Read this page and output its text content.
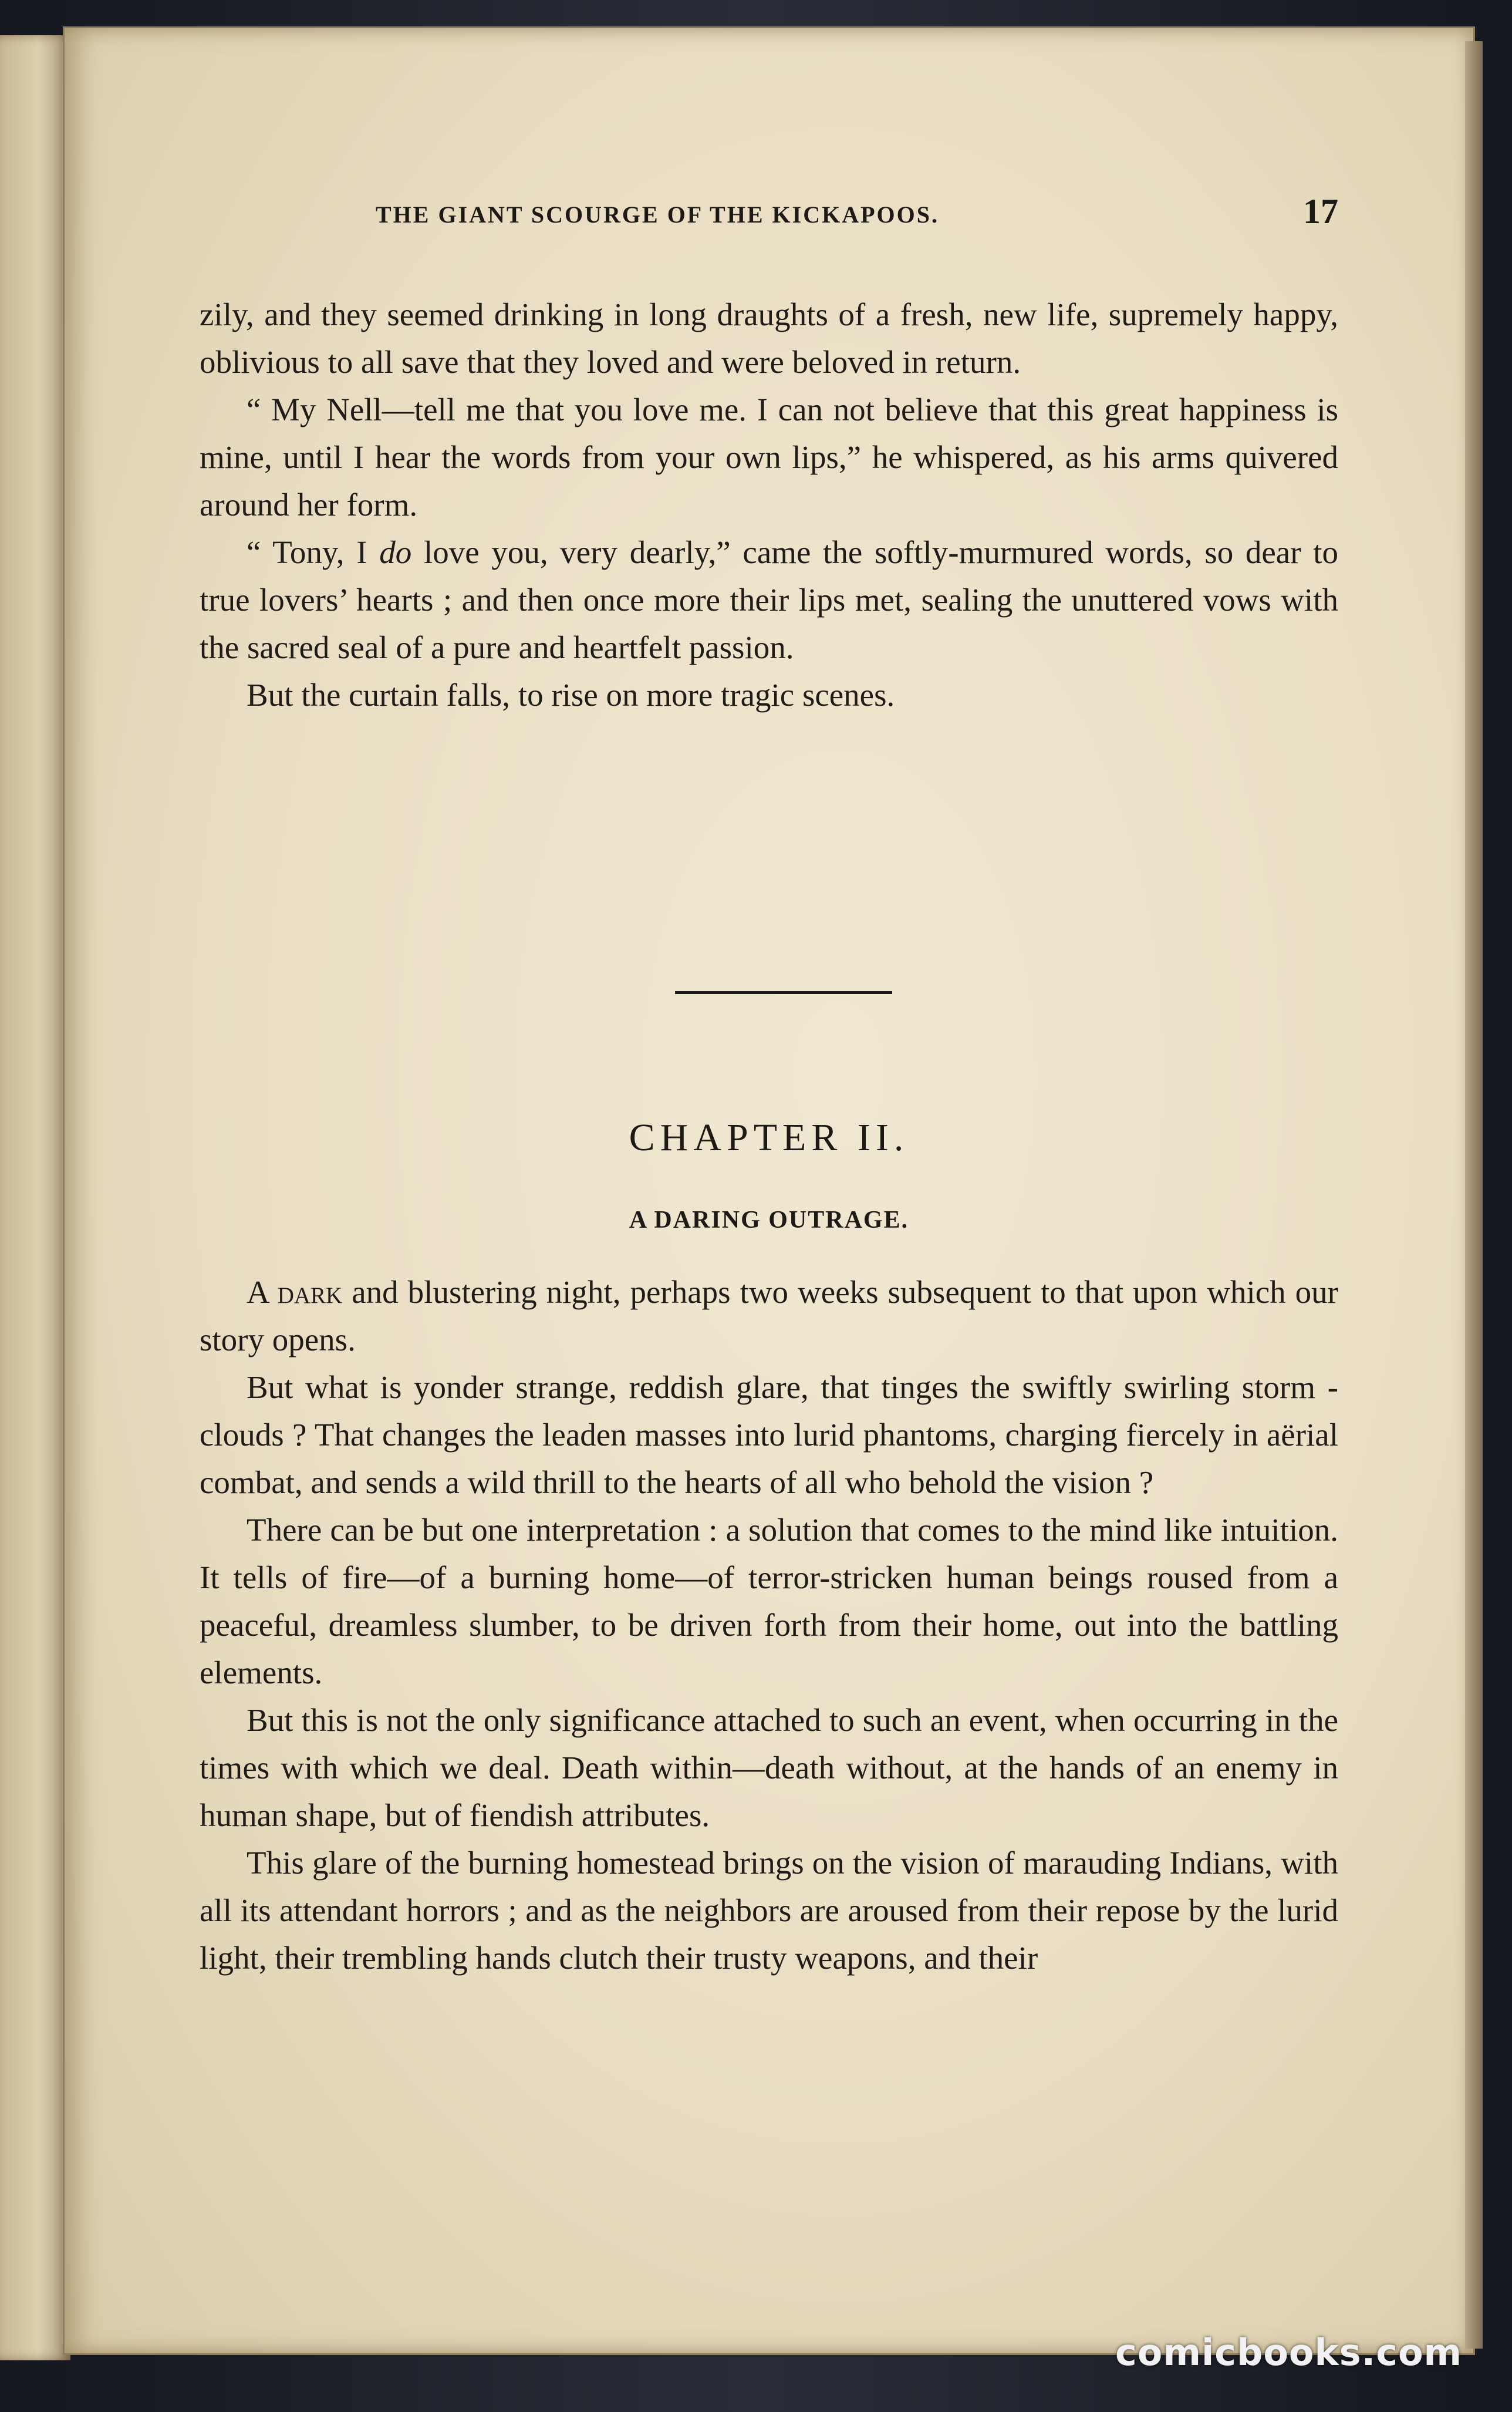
THE GIANT SCOURGE OF THE KICKAPOOS.	17

zily, and they seemed drinking in long draughts of a fresh, new life, supremely happy, oblivious to all save that they loved and were beloved in return.

“ My Nell—tell me that you love me. I can not believe that this great happiness is mine, until I hear the words from your own lips,” he whispered, as his arms quivered around her form.

“ Tony, I do love you, very dearly,” came the softly-murmured words, so dear to true lovers’ hearts ; and then once more their lips met, sealing the unuttered vows with the sacred seal of a pure and heartfelt passion.

But the curtain falls, to rise on more tragic scenes.

CHAPTER II.
A DARING OUTRAGE.

A dark and blustering night, perhaps two weeks subsequent to that upon which our story opens.

But what is yonder strange, reddish glare, that tinges the swiftly swirling storm - clouds ? That changes the leaden masses into lurid phantoms, charging fiercely in aërial combat, and sends a wild thrill to the hearts of all who behold the vision ?

There can be but one interpretation : a solution that comes to the mind like intuition. It tells of fire—of a burning home—of terror-stricken human beings roused from a peaceful, dreamless slumber, to be driven forth from their home, out into the battling elements.

But this is not the only significance attached to such an event, when occurring in the times with which we deal. Death within—death without, at the hands of an enemy in human shape, but of fiendish attributes.

This glare of the burning homestead brings on the vision of marauding Indians, with all its attendant horrors ; and as the neighbors are aroused from their repose by the lurid light, their trembling hands clutch their trusty weapons, and their

comicbooks.com
